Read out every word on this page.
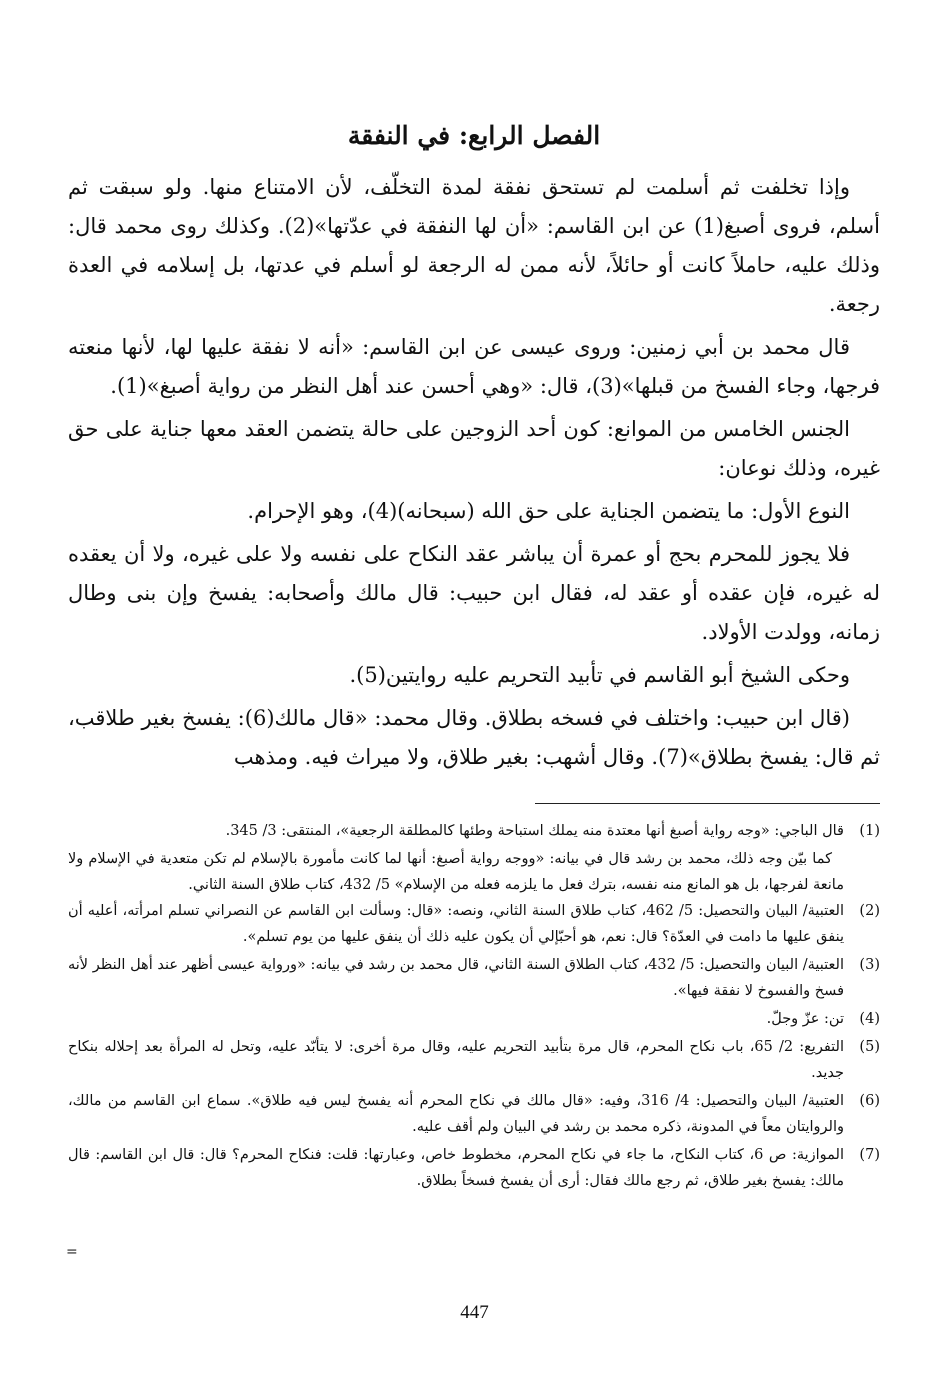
الفصل الرابع: في النفقة

وإذا تخلفت ثم أسلمت لم تستحق نفقة لمدة التخلّف، لأن الامتناع منها. ولو سبقت ثم أسلم، فروى أصبغ(1) عن ابن القاسم: «أن لها النفقة في عدّتها»(2). وكذلك روى محمد قال: وذلك عليه، حاملاً كانت أو حائلاً، لأنه ممن له الرجعة لو أسلم في عدتها، بل إسلامه في العدة رجعة.

قال محمد بن أبي زمنين: وروى عيسى عن ابن القاسم: «أنه لا نفقة عليها لها، لأنها منعته فرجها، وجاء الفسخ من قبلها»(3)، قال: «وهي أحسن عند أهل النظر من رواية أصبغ»(1).

الجنس الخامس من الموانع: كون أحد الزوجين على حالة يتضمن العقد معها جناية على حق غيره، وذلك نوعان:

النوع الأول: ما يتضمن الجناية على حق الله (سبحانه)(4)، وهو الإحرام.

فلا يجوز للمحرم بحج أو عمرة أن يباشر عقد النكاح على نفسه ولا على غيره، ولا أن يعقده له غيره، فإن عقده أو عقد له، فقال ابن حبيب: قال مالك وأصحابه: يفسخ وإن بنى وطال زمانه، وولدت الأولاد.

وحكى الشيخ أبو القاسم في تأبيد التحريم عليه روايتين(5).

(قال ابن حبيب: واختلف في فسخه بطلاق. وقال محمد: «قال مالك(6): يفسخ بغير طلاقب، ثم قال: يفسخ بطلاق»(7). وقال أشهب: بغير طلاق، ولا ميراث فيه. ومذهب

(1)
قال الباجي: «وجه رواية أصبغ أنها معتدة منه يملك استباحة وطئها كالمطلقة الرجعية»، المنتقى: 3/ 345.
كما بيّن وجه ذلك، محمد بن رشد قال في بيانه: «ووجه رواية أصبغ: أنها لما كانت مأمورة بالإسلام لم تكن متعدية في الإسلام ولا مانعة لفرجها، بل هو المانع منه نفسه، بترك فعل ما يلزمه فعله من الإسلام» 5/ 432، كتاب طلاق السنة الثاني.
(2)
العتبية/ البيان والتحصيل: 5/ 462، كتاب طلاق السنة الثاني، ونصه: «قال: وسألت ابن القاسم عن النصراني تسلم امرأته، أعليه أن ينفق عليها ما دامت في العدّة؟ قال: نعم، هو أحبّإلي أن يكون عليه ذلك أن ينفق عليها من يوم تسلم».
(3)
العتبية/ البيان والتحصيل: 5/ 432، كتاب الطلاق السنة الثاني، قال محمد بن رشد في بيانه: «ورواية عيسى أظهر عند أهل النظر لأنه فسخ والفسوخ لا نفقة فيها».
(4)
تن: عزّ وجلّ.
(5)
التفريع: 2/ 65، باب نكاح المحرم، قال مرة بتأبيد التحريم عليه، وقال مرة أخرى: لا يتأبّد عليه، وتحل له المرأة بعد إحلاله بنكاح جديد.
(6)
العتبية/ البيان والتحصيل: 4/ 316، وفيه: «قال مالك في نكاح المحرم أنه يفسخ ليس فيه طلاق». سماع ابن القاسم من مالك، والروايتان معاً في المدونة، ذكره محمد بن رشد في البيان ولم أقف عليه.
(7)
الموازية: ص 6، كتاب النكاح، ما جاء في نكاح المحرم، مخطوط خاص، وعبارتها: قلت: فنكاح المحرم؟ قال: قال ابن القاسم: قال مالك: يفسخ بغير طلاق، ثم رجع مالك فقال: أرى أن يفسخ فسخاً بطلاق.
=
447
